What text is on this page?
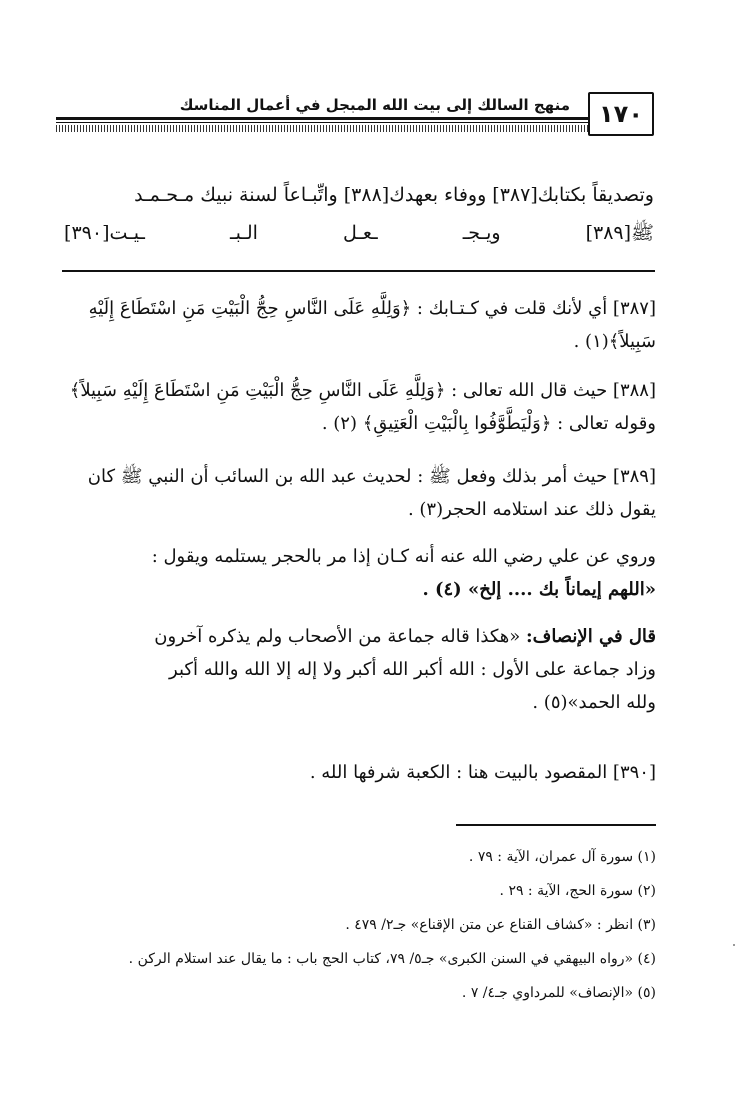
١٧٠
منهج السالك إلى بيت الله المبجل في أعمال المناسك
وتصديقاً بكتابك[٣٨٧] ووفاء بعهدك[٣٨٨] واتِّبـاعاً لسنة نبيك مـحـمـد
ﷺ[٣٨٩]
ويـجـ
ـعـل
الـبـ
ـيـت[٣٩٠]

[٣٨٧] أي لأنك قلت في كـتـابك : ﴿وَلِلَّهِ عَلَى النَّاسِ حِجُّ الْبَيْتِ مَنِ اسْتَطَاعَ إِلَيْهِ

سَبِيلاً﴾(١) .

[٣٨٨] حيث قال الله تعالى : ﴿وَلِلَّهِ عَلَى النَّاسِ حِجُّ الْبَيْتِ مَنِ اسْتَطَاعَ إِلَيْهِ سَبِيلاً﴾

وقوله تعالى : ﴿وَلْيَطَّوَّفُوا بِالْبَيْتِ الْعَتِيقِ﴾ (٢) .

[٣٨٩] حيث أمر بذلك وفعل ﷺ : لحديث عبد الله بن السائب أن النبي ﷺ كان

يقول ذلك عند استلامه الحجر(٣) .

وروي عن علي رضي الله عنه أنه كـان إذا مر بالحجر يستلمه ويقول :

«اللهم إيماناً بك .... إلخ» (٤) .

قال في الإنصاف: «هكذا قاله جماعة من الأصحاب ولم يذكره آخرون

وزاد جماعة على الأول : الله أكبر الله أكبر ولا إله إلا الله والله أكبر

ولله الحمد»(٥) .

[٣٩٠] المقصود بالبيت هنا : الكعبة شرفها الله .

(١) سورة آل عمران، الآية : ٧٩ .
(٢) سورة الحج، الآية : ٢٩ .
(٣) انظر : «كشاف القناع عن متن الإقناع» جـ٢/ ٤٧٩ .
(٤) «رواه البيهقي في السنن الكبرى» جـ٥/ ٧٩، كتاب الحج باب : ما يقال عند استلام الركن .
(٥) «الإنصاف» للمرداوي جـ٤/ ٧ .
